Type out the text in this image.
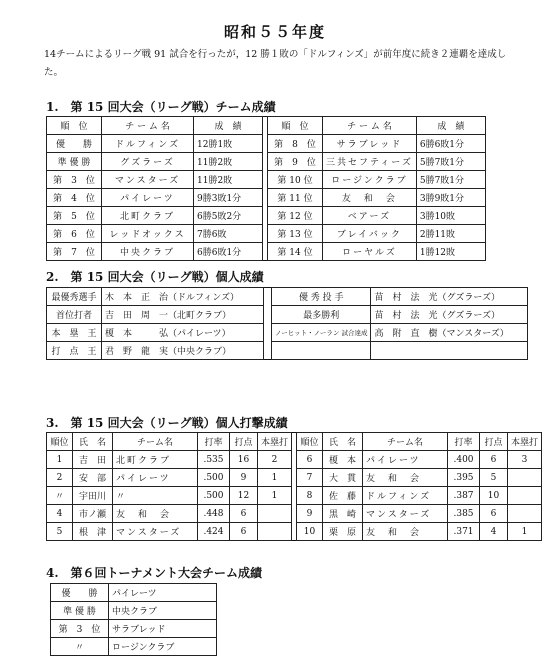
昭和５５年度
14チームによるリーグ戦 91 試合を行ったが，12 勝１敗の「ドルフィンズ」が前年度に続き２連覇を達成した。
1.　第 15 回大会（リーグ戦）チーム成績
順　位	チ ー ム 名	成　績		順　位	チ ー ム 名	成　績
優　　勝	ドルフィンズ	12勝1敗		第　8　位	サラブレッド	6勝6敗1分
準 優 勝	グズラーズ	11勝2敗		第　9　位	三共セフティーズ	5勝7敗1分
第　3　位	マンスターズ	11勝2敗		第 10 位	ロージンクラブ	5勝7敗1分
第　4　位	パイレーツ	9勝3敗1分		第 11 位	友　和　会	3勝9敗1分
第　5　位	北町クラブ	6勝5敗2分		第 12 位	ベアーズ	3勝10敗
第　6　位	レッドオックス	7勝6敗		第 13 位	ブレイバック	2勝11敗
第　7　位	中央クラブ	6勝6敗1分		第 14 位	ローヤルズ	1勝12敗
2.　第 15 回大会（リーグ戦）個人成績
最優秀選手	木　本　正　治（ドルフィンズ）		優 秀 投 手	苗　村　法　光（グズラーズ）
首位打者	吉　田　周　一（北町クラブ）		最多勝利	苗　村　法　光（グズラーズ）
本　塁　王	榎　本　　　弘（パイレーツ）		ノーヒット・ノーラン 試合達成	高　附　直　樹（マンスターズ）
打　点　王	君　野　龍　実（中央クラブ）			
3.　第 15 回大会（リーグ戦）個人打撃成績
順位	氏　名	チーム名	打率	打点	本塁打		順位	氏　名	チーム名	打率	打点	本塁打
1	吉　田	北町クラブ	.535	16	2		6	榎　本	パイレーツ	.400	6	3
2	安　部	パイレーツ	.500	9	1		7	大　貫	友　和　会	.395	5	
〃	宇田川	〃	.500	12	1		8	佐　藤	ドルフィンズ	.387	10	
4	市ノ瀬	友　和　会	.448	6			9	黒　崎	マンスターズ	.385	6	
5	根　津	マンスターズ	.424	6			10	栗　原	友　和　会	.371	4	1
4.　第６回トーナメント大会チーム成績
優　　勝	パイレーツ
準 優 勝	中央クラブ
第　3　位	サラブレッド
〃	ロージンクラブ
